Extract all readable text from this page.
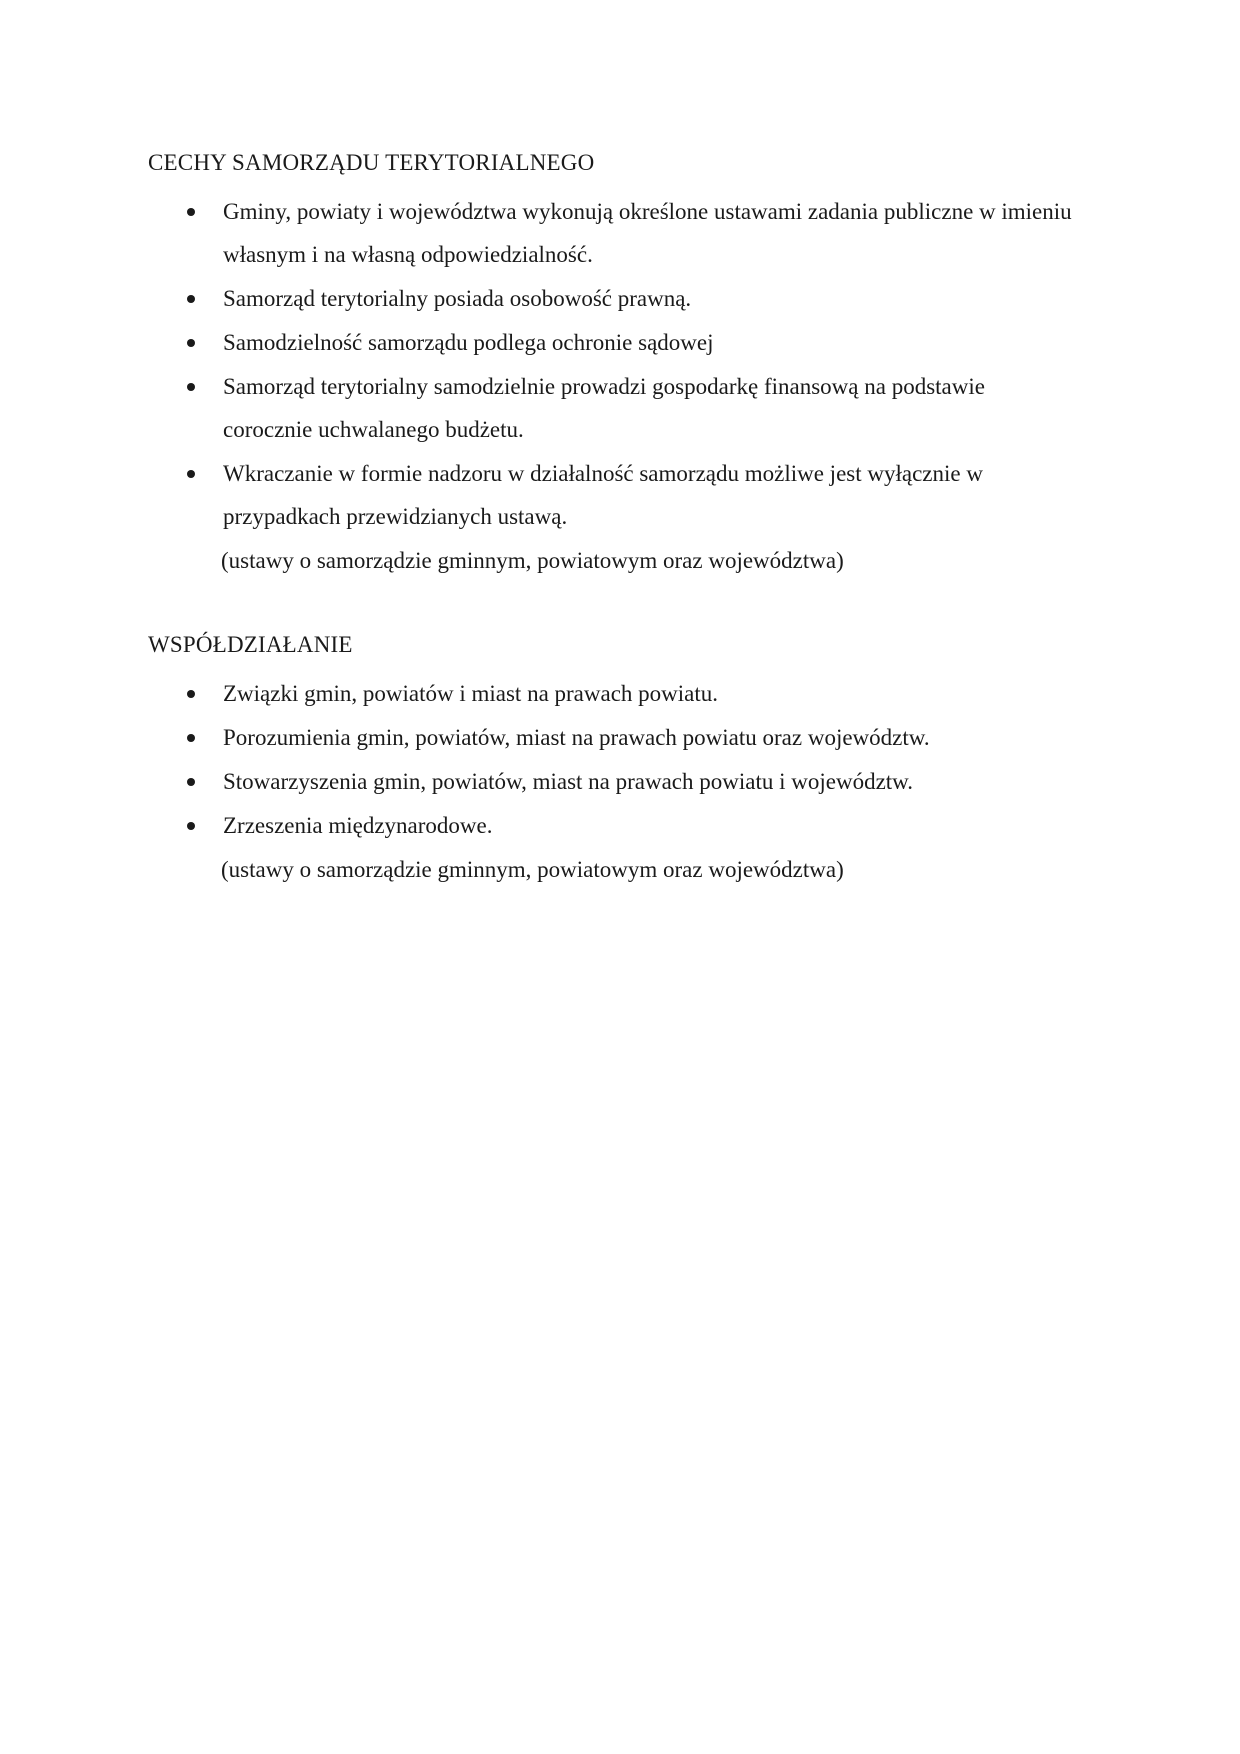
CECHY SAMORZĄDU TERYTORIALNEGO
Gminy, powiaty i województwa wykonują określone ustawami zadania publiczne w imieniu własnym i na własną odpowiedzialność.
Samorząd terytorialny posiada osobowość prawną.
Samodzielność samorządu podlega ochronie sądowej
Samorząd terytorialny samodzielnie prowadzi gospodarkę finansową na podstawie corocznie uchwalanego budżetu.
Wkraczanie w formie nadzoru w działalność samorządu możliwe jest wyłącznie w przypadkach przewidzianych ustawą.
(ustawy o samorządzie gminnym, powiatowym oraz województwa)
WSPÓŁDZIAŁANIE
Związki gmin, powiatów i miast na prawach powiatu.
Porozumienia gmin, powiatów, miast na prawach powiatu oraz województw.
Stowarzyszenia gmin, powiatów, miast na prawach powiatu i województw.
Zrzeszenia międzynarodowe.
(ustawy o samorządzie gminnym, powiatowym oraz województwa)
